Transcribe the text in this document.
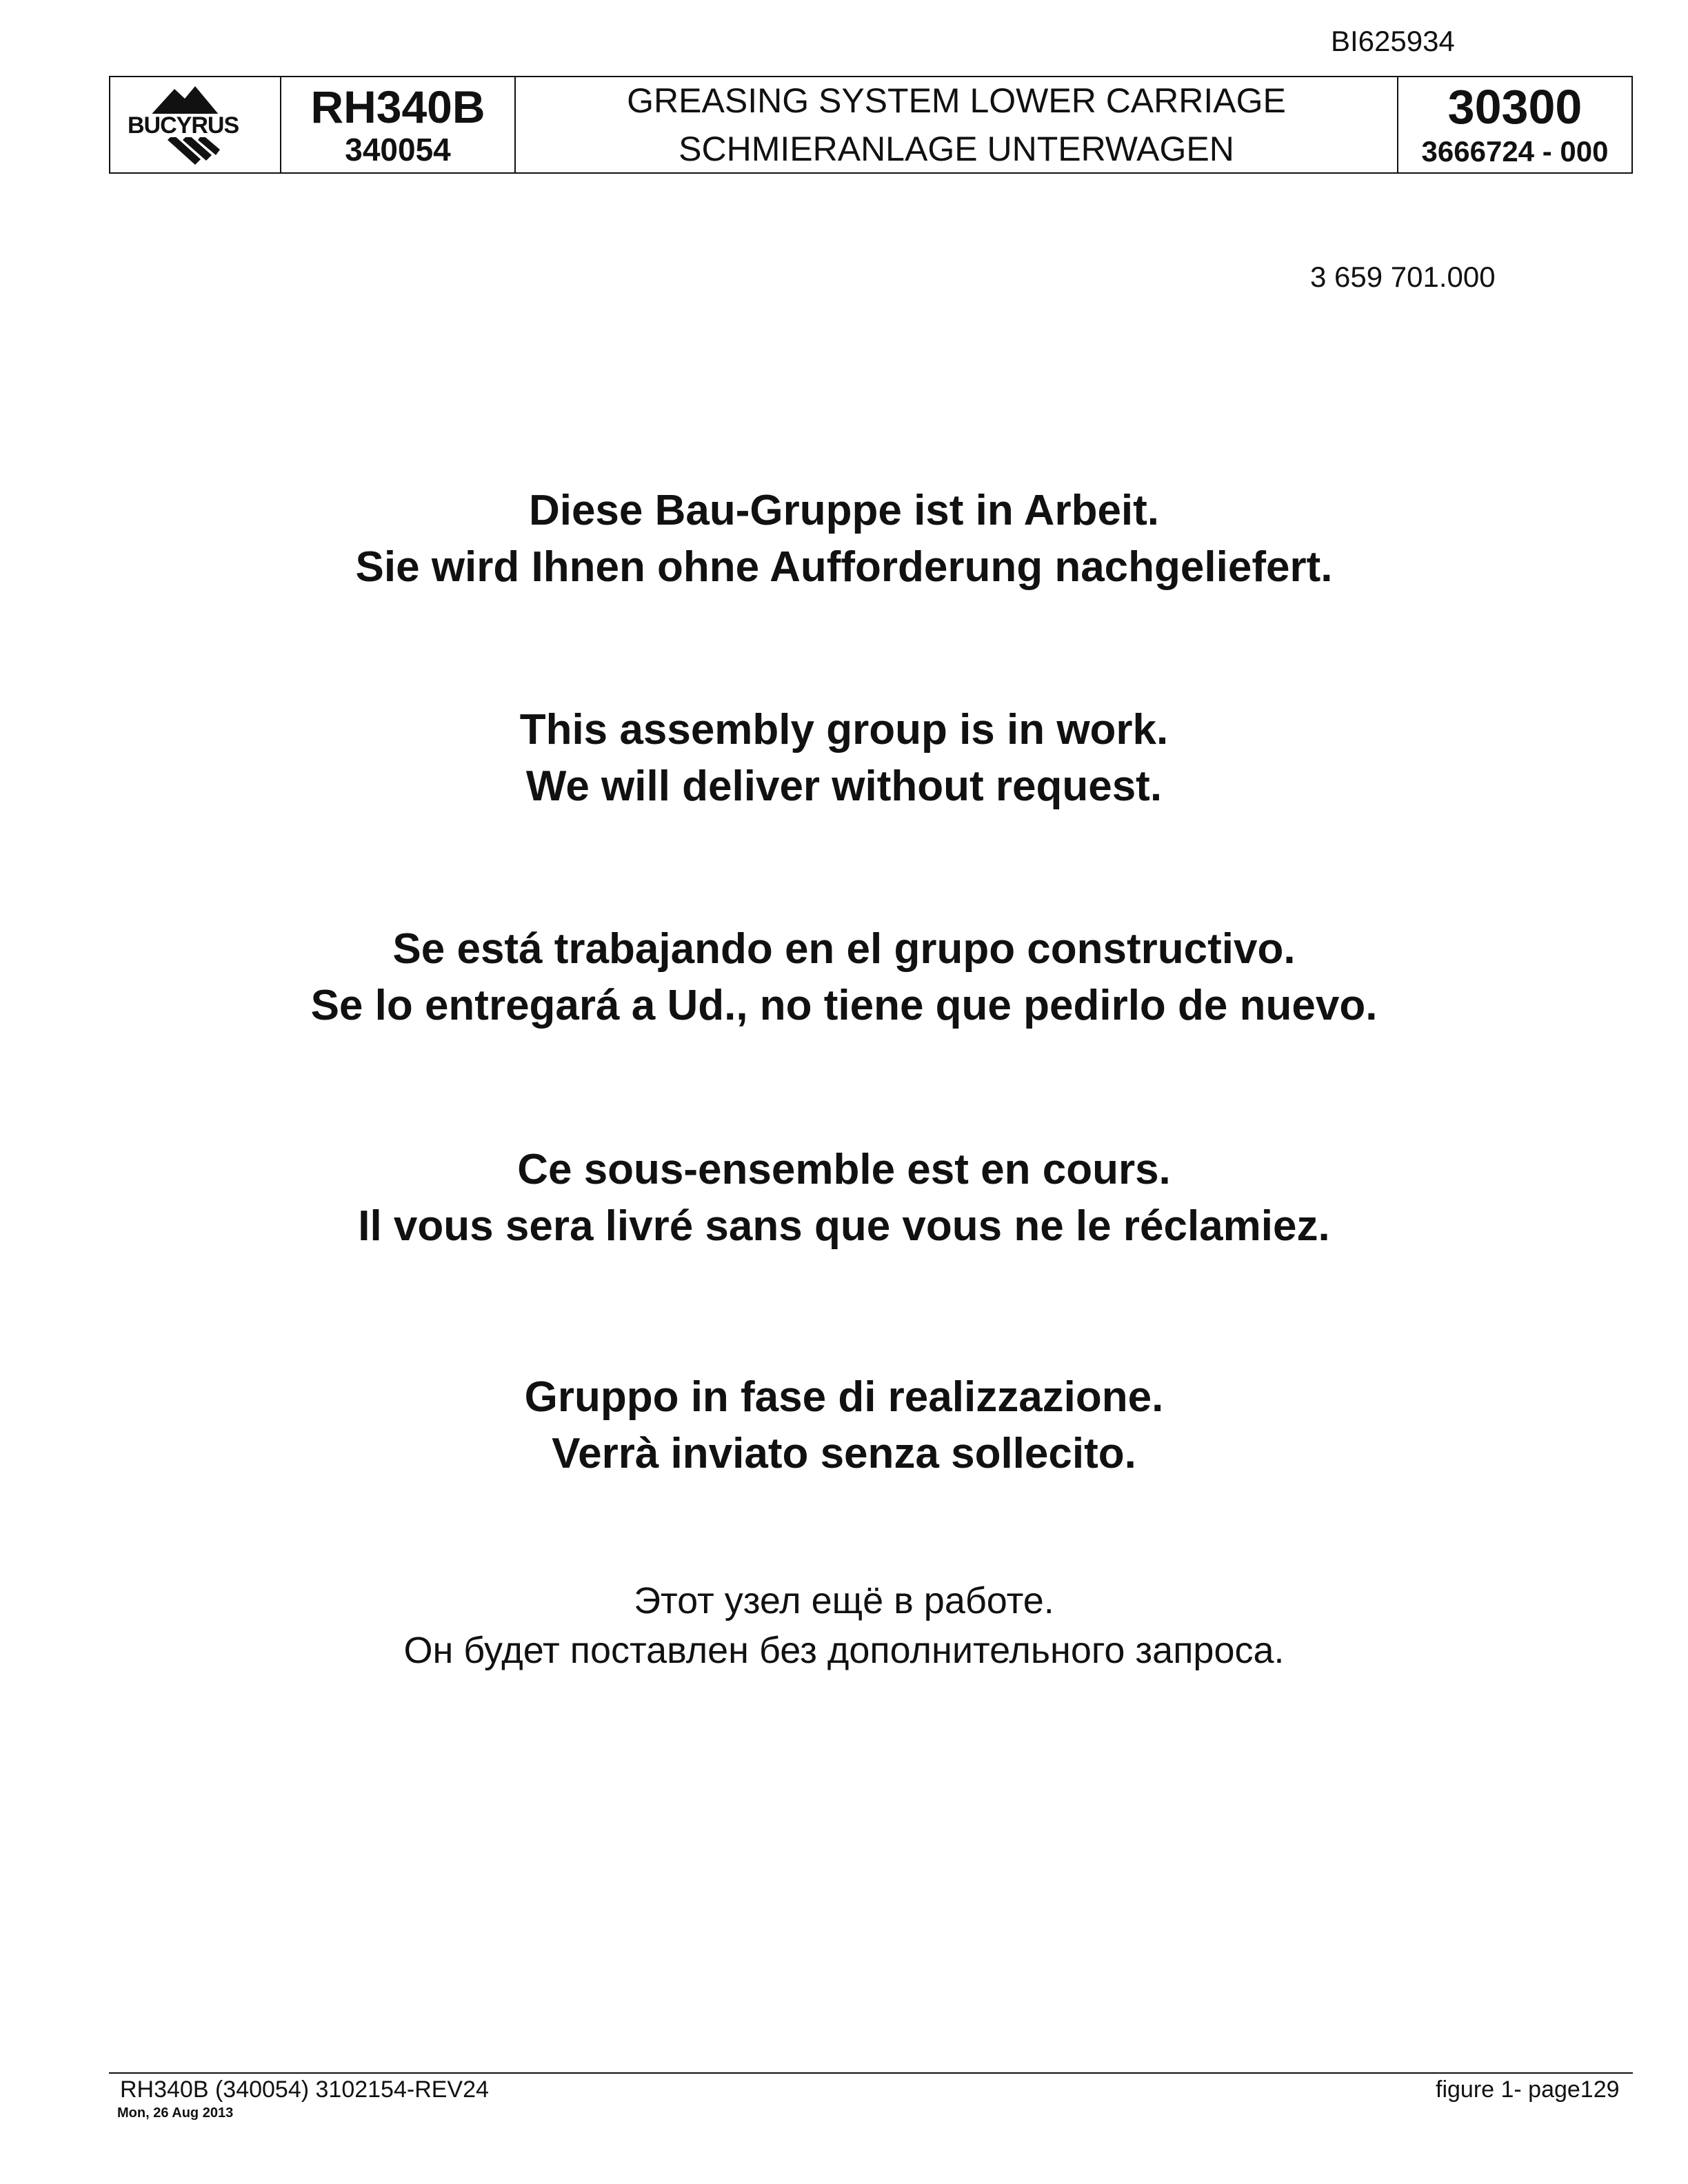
BI625934
BUCYRUS RH340B
340054
GREASING SYSTEM LOWER CARRIAGE
SCHMIERANLAGE UNTERWAGEN
30300
3666724 - 000
3 659 701.000
Diese Bau-Gruppe ist in Arbeit.
Sie wird Ihnen ohne Aufforderung nachgeliefert.
This assembly group is in work.
We will deliver without request.
Se está trabajando en el grupo constructivo.
Se lo entregará a Ud., no tiene que pedirlo de nuevo.
Ce sous-ensemble est en cours.
Il vous sera livré sans que vous ne le réclamiez.
Gruppo in fase di realizzazione.
Verrà inviato senza sollecito.
Этот узел ещё в работе.
Он будет поставлен без дополнительного запроса.
RH340B (340054) 3102154-REV24
Mon, 26 Aug 2013
figure 1- page129
